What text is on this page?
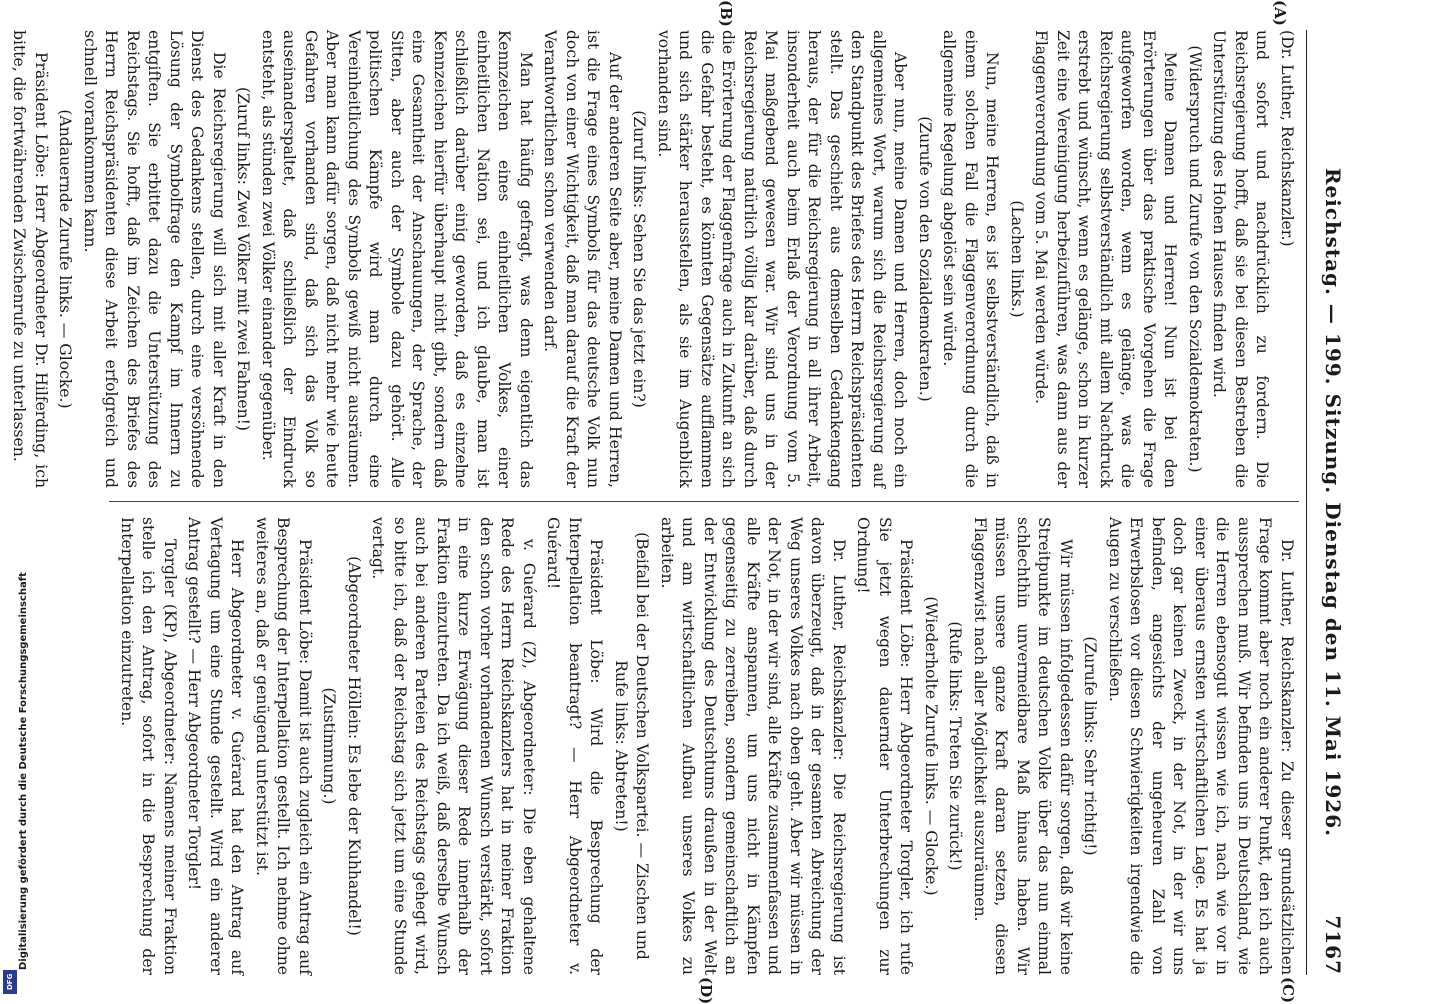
Reichstag. — 199. Sitzung. Dienstag den 11. Mai 1926.
7167

(Dr. Luther, Reichskanzler.)

und sofort und nachdrücklich zu fordern. Die Reichsregierung hofft, daß sie bei diesen Bestreben die Unterstützung des Hohen Hauses finden wird.

(Widerspruch und Zurufe von den Sozialdemokraten.)

Meine Damen und Herren! Nun ist bei den Erörterungen über das praktische Vorgehen die Frage aufgeworfen worden, wenn es gelänge, was die Reichsregierung selbstverständlich mit allem Nachdruck erstrebt und wünscht, wenn es gelänge, schon in kurzer Zeit eine Vereinigung herbeizuführen, was dann aus der Flaggenverordnung vom 5. Mai werden würde.

(Lachen links.)

Nun, meine Herren, es ist selbstverständlich, daß in einem solchen Fall die Flaggenverordnung durch die allgemeine Regelung abgelöst sein würde.

(Zurufe von den Sozialdemokraten.)

Aber nun, meine Damen und Herren, doch noch ein allgemeines Wort, warum sich die Reichsregierung auf den Standpunkt des Briefes des Herrn Reichspräsidenten stellt. Das geschieht aus demselben Gedankengang heraus, der für die Reichsregierung in all ihrer Arbeit, insonderheit auch beim Erlaß der Verordnung vom 5. Mai maßgebend gewesen war. Wir sind uns in der Reichsregierung natürlich völlig klar darüber, daß durch die Erörterung der Flaggenfrage auch in Zukunft an sich die Gefahr besteht, es könnten Gegensätze aufflammen und sich stärker herausstellen, als sie im Augenblick vorhanden sind.

(Zuruf links: Sehen Sie das jetzt ein?)

Auf der anderen Seite aber, meine Damen und Herren, ist die Frage eines Symbols für das deutsche Volk nun doch von einer Wichtigkeit, daß man darauf die Kraft der Verantwortlichen schon verwenden darf.

Man hat häufig gefragt, was denn eigentlich das Kennzeichen eines einheitlichen Volkes, einer einheitlichen Nation sei, und ich glaube, man ist schließlich darüber einig geworden, daß es einzelne Kennzeichen hierfür überhaupt nicht gibt, sondern daß eine Gesamtheit der Anschauungen, der Sprache, der Sitten, aber auch der Symbole dazu gehört. Alle politischen Kämpfe wird man durch eine Vereinheitlichung des Symbols gewiß nicht ausräumen. Aber man kann dafür sorgen, daß nicht mehr wie heute Gefahren vorhanden sind, daß sich das Volk so auseinanderspaltet, daß schließlich der Eindruck entsteht, als stünden zwei Völker einander gegenüber.

(Zuruf links: Zwei Völker mit zwei Fahnen!)

Die Reichsregierung will sich mit aller Kraft in den Dienst des Gedankens stellen, durch eine versöhnende Lösung der Symbolfrage den Kampf im Innern zu entgiften. Sie erbittet dazu die Unterstützung des Reichstags. Sie hofft, daß im Zeichen des Briefes des Herrn Reichspräsidenten diese Arbeit erfolgreich und schnell vorankommen kann.

(Andauernde Zurufe links. — Glocke.)

Präsident Löbe: Herr Abgeordneter Dr. Hilferding, ich bitte, die fortwährenden Zwischenrufe zu unterlassen.

Dr. Luther, Reichskanzler: Zu dieser grundsätzlichen Frage kommt aber noch ein anderer Punkt, den ich auch aussprechen muß. Wir befinden uns in Deutschland, wie die Herren ebensogut wissen wie ich, nach wie vor in einer überaus ernsten wirtschaftlichen Lage. Es hat ja doch gar keinen Zweck, in der Not, in der wir uns befinden, angesichts der ungeheuren Zahl von Erwerbslosen vor diesen Schwierigkeiten irgendwie die Augen zu verschließen.

(Zurufe links: Sehr richtig!)

Wir müssen infolgedessen dafür sorgen, daß wir keine Streitpunkte im deutschen Volke über das nun einmal schlechthin unvermeidbare Maß hinaus haben. Wir müssen unsere ganze Kraft daran setzen, diesen Flaggenzwist nach aller Möglichkeit auszuräumen.

(Rufe links: Treten Sie zurück!)

(Wiederholte Zurufe links. — Glocke.)

Präsident Löbe: Herr Abgeordneter Torgler, ich rufe Sie jetzt wegen dauernder Unterbrechungen zur Ordnung!

Dr. Luther, Reichskanzler: Die Reichsregierung ist davon überzeugt, daß in der gesamten Abreichung der Weg unseres Volkes nach oben geht. Aber wir müssen in der Not, in der wir sind, alle Kräfte zusammenfassen und alle Kräfte anspannen, um uns nicht in Kämpfen gegenseitig zu zerreiben, sondern gemeinschaftlich an der Entwicklung des Deutschtums draußen in der Welt und am wirtschaftlichen Aufbau unseres Volkes zu arbeiten.

(Beifall bei der Deutschen Volkspartei. — Zischen und Rufe links: Abtreten!)

Präsident Löbe: Wird die Besprechung der Interpellation beantragt? — Herr Abgeordneter v. Guérard!

v. Guérard (Z), Abgeordneter: Die eben gehaltene Rede des Herrn Reichskanzlers hat in meiner Fraktion den schon vorher vorhandenen Wunsch verstärkt, sofort in eine kurze Erwägung dieser Rede innerhalb der Fraktion einzutreten. Da ich weiß, daß derselbe Wunsch auch bei anderen Parteien des Reichstags gehegt wird, so bitte ich, daß der Reichstag sich jetzt um eine Stunde vertagt.

(Abgeordneter Höllein: Es lebe der Kuhhandel!)

(Zustimmung.)

Präsident Löbe: Damit ist auch zugleich ein Antrag auf Besprechung der Interpellation gestellt. Ich nehme ohne weiteres an, daß er genügend unterstützt ist.

Herr Abgeordneter v. Guérard hat den Antrag auf Vertagung um eine Stunde gestellt. Wird ein anderer Antrag gestellt? — Herr Abgeordneter Torgler!

Torgler (KP), Abgeordneter: Namens meiner Fraktion stelle ich den Antrag, sofort in die Besprechung der Interpellation einzutreten.

(A)
(B)
(C)
(D)
Digitalisierung gefördert durch die Deutsche Forschungsgemeinschaft
DFG
